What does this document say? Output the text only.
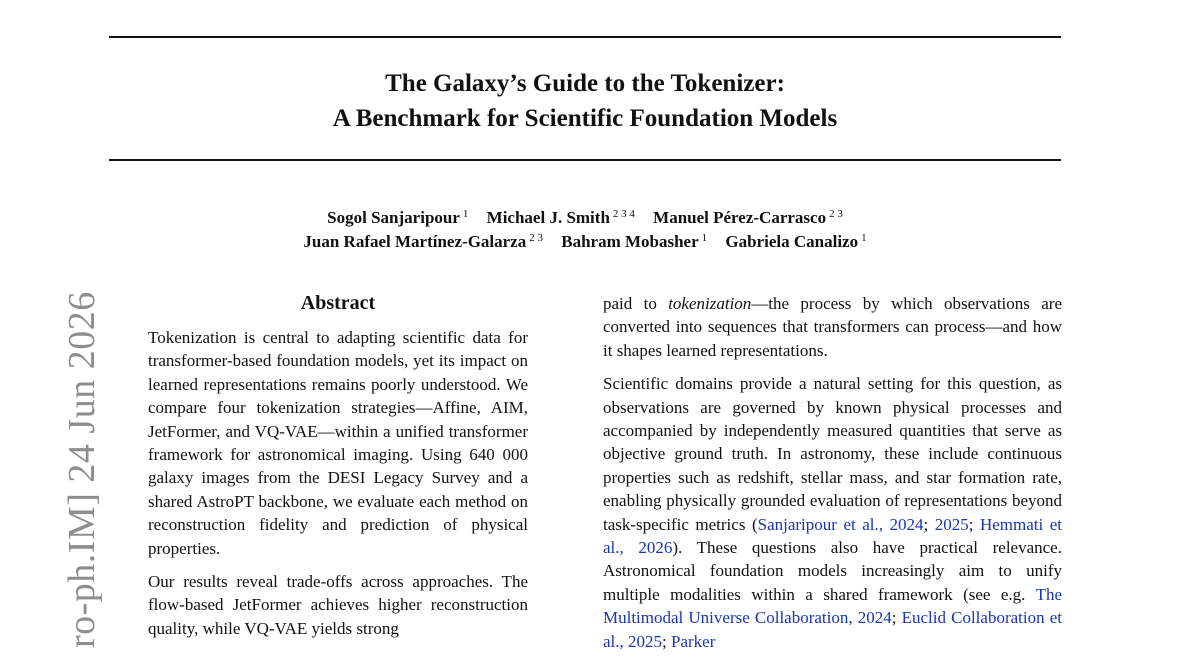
The Galaxy’s Guide to the Tokenizer:
A Benchmark for Scientific Foundation Models
Sogol Sanjaripour $^1$ Michael J. Smith $^{2 3 4}$ Manuel Pérez-Carrasco $^{2 3}$
Juan Rafael Martínez-Galarza $^{2 3}$ Bahram Mobasher $^1$ Gabriela Canalizo $^1$
ro-ph.IM] 24 Jun 2026	Abstract

Tokenization is central to adapting scientific data for transformer-based foundation models, yet its impact on learned representations remains poorly understood. We compare four tokenization strategies—Affine, AIM, JetFormer, and VQ-VAE—within a unified transformer framework for astronomical imaging. Using 640 000 galaxy images from the DESI Legacy Survey and a shared AstroPT backbone, we evaluate each method on reconstruction fidelity and prediction of physical properties.

Our results reveal trade-offs across approaches. The flow-based JetFormer achieves higher reconstruction quality, while VQ-VAE yields strong

paid to tokenization—the process by which observations are converted into sequences that transformers can process—and how it shapes learned representations.

Scientific domains provide a natural setting for this question, as observations are governed by known physical processes and accompanied by independently measured quantities that serve as objective ground truth. In astronomy, these include continuous properties such as redshift, stellar mass, and star formation rate, enabling physically grounded evaluation of representations beyond task-specific metrics (Sanjaripour et al., 2024; 2025; Hemmati et al., 2026). These questions also have practical relevance. Astronomical foundation models increasingly aim to unify multiple modalities within a shared framework (see e.g. The Multimodal Universe Collaboration, 2024; Euclid Collaboration et al., 2025; Parker
